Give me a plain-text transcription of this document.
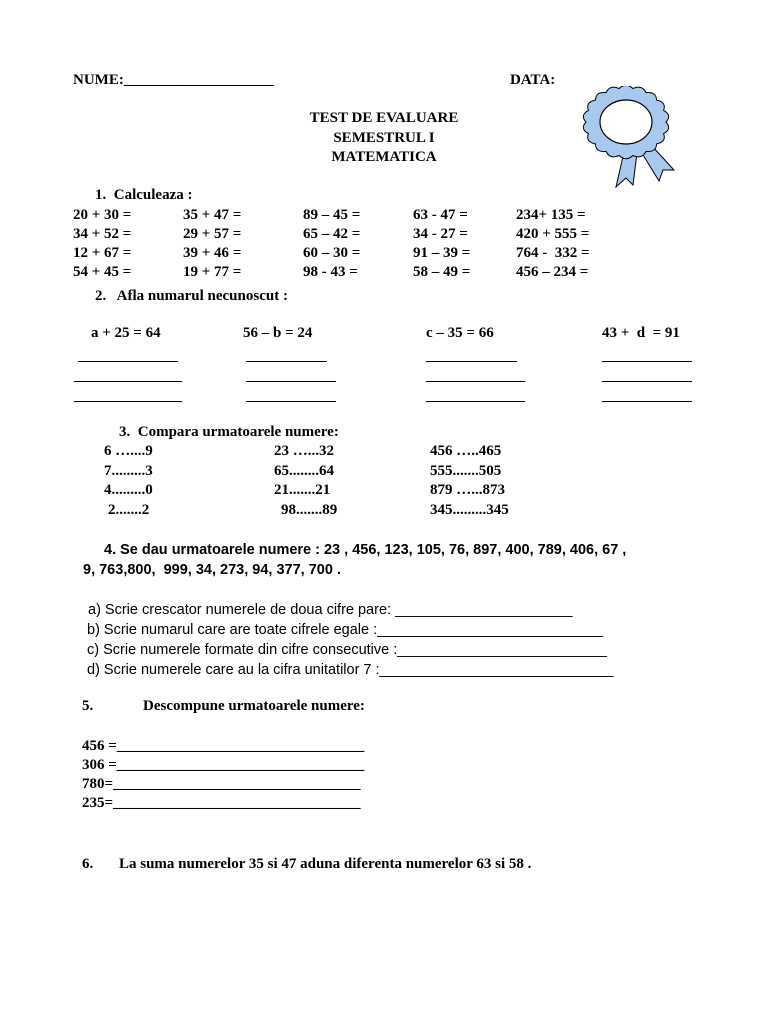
NUME:____________________	DATA:
TEST DE EVALUARE
SEMESTRUL I
MATEMATICA
1.  Calculeaza :
20 + 30 =	35 + 47 =	89 – 45 =	63 - 47 =	234+ 135 =
34 + 52 =	29 + 57 =	65 – 42 =	34 - 27 =	420 + 555 =
12 + 67 =	39 + 46 =	60 – 30 =	91 – 39 =	764 -  332 =
54 + 45 =	19 + 77 =	98 - 43 =	58 – 49 =	456 – 234 =
2.   Afla numarul necunoscut :
a + 25 = 64	56 – b = 24	c – 35 = 66	43 +  d  = 91
3.  Compara urmatoarele numere:
6 …....9	23 …...32	456 …..465
7.........3	65........64	555.......505
4.........0	21.......21	879 …...873
2.......2	98.......89	345.........345
4. Se dau urmatoarele numere : 23 , 456, 123, 105, 76, 897, 400, 789, 406, 67 ,
9, 763,800,  999, 34, 273, 94, 377, 700 .
a) Scrie crescator numerele de doua cifre pare: ______________________
b) Scrie numarul care are toate cifrele egale :____________________________
c) Scrie numerele formate din cifre consecutive :__________________________
d) Scrie numerele care au la cifra unitatilor 7 :_____________________________
5.	Descompune urmatoarele numere:
456 =_________________________________
306 =_________________________________
780=_________________________________
235=_________________________________
6. La suma numerelor 35 si 47 aduna diferenta numerelor 63 si 58 .
